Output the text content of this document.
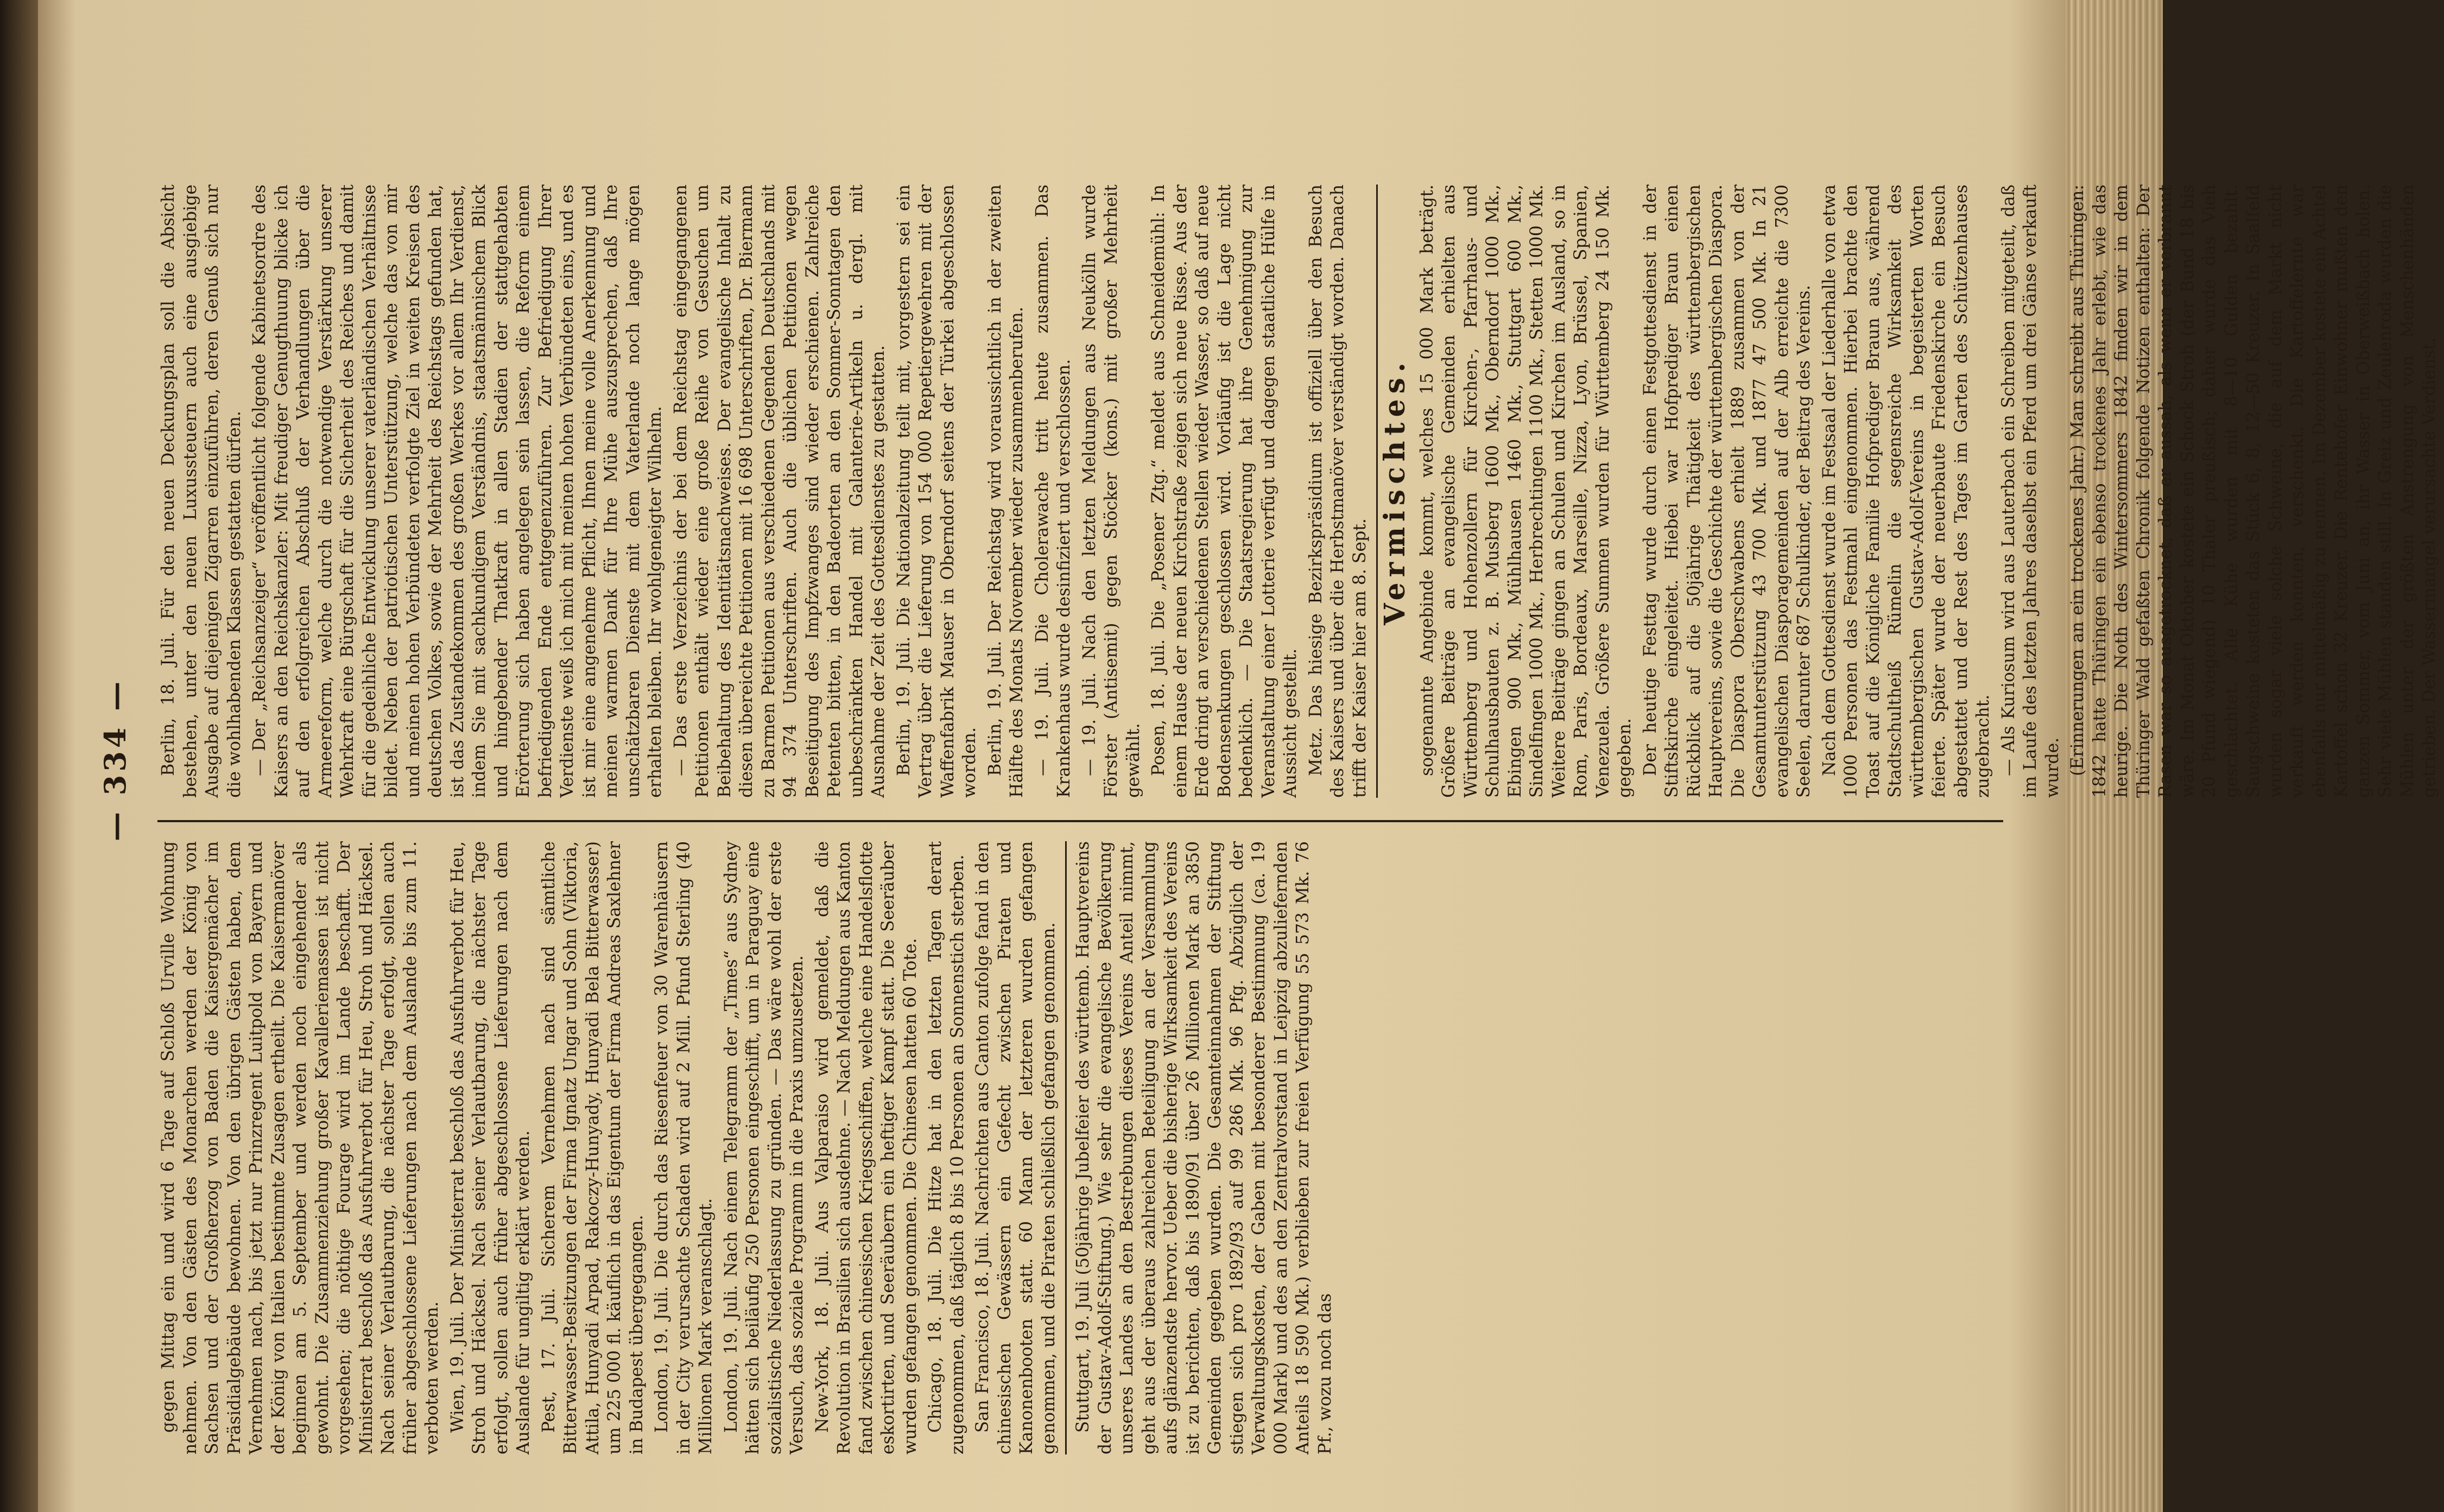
— 334 —

gegen Mittag ein und wird 6 Tage auf Schloß Urville Wohnung nehmen. Von den Gästen des Monarchen werden der König von Sachsen und der Großherzog von Baden die Kaisergemächer im Präsidialgebäude bewohnen. Von den übrigen Gästen haben, dem Vernehmen nach, bis jetzt nur Prinzregent Luitpold von Bayern und der König von Italien bestimmte Zusagen ertheilt. Die Kaisermanöver beginnen am 5. September und werden noch eingehender als gewohnt. Die Zusammenziehung großer Kavalleriemassen ist nicht vorgesehen; die nöthige Fourage wird im Lande beschafft. Der Ministerrat beschloß das Ausfuhrverbot für Heu, Stroh und Häcksel. Nach seiner Verlautbarung, die nächster Tage erfolgt, sollen auch früher abgeschlossene Lieferungen nach dem Auslande bis zum 11. verboten werden. Wien, 19. Juli. Der Ministerrat beschloß das Ausfuhrverbot für Heu, Stroh und Häcksel. Nach seiner Verlautbarung, die nächster Tage erfolgt, sollen auch früher abgeschlossene Lieferungen nach dem Auslande für ungiltig erklärt werden. Pest, 17. Juli. Sicherem Vernehmen nach sind sämtliche Bitterwasser-Besitzungen der Firma Ignatz Ungar und Sohn (Viktoria, Attila, Hunyadi Arpad, Rakoczy-Hunyady, Hunyadi Bela Bitterwasser) um 225 000 fl. käuflich in das Eigentum der Firma Andreas Saxlehner in Budapest übergegangen. London, 19. Juli. Die durch das Riesenfeuer von 30 Warenhäusern in der City verursachte Schaden wird auf 2 Mill. Pfund Sterling (40 Millionen Mark veranschlagt. London, 19. Juli. Nach einem Telegramm der „Times“ aus Sydney hätten sich beiläufig 250 Personen eingeschifft, um in Paraguay eine sozialistische Niederlassung zu gründen. — Das wäre wohl der erste Versuch, das soziale Programm in die Praxis umzusetzen. New-York, 18. Juli. Aus Valparaiso wird gemeldet, daß die Revolution in Brasilien sich ausdehne. — Nach Meldungen aus Kanton fand zwischen chinesischen Kriegsschiffen, welche eine Handelsflotte eskortirten, und Seeräubern ein heftiger Kampf statt. Die Seeräuber wurden gefangen genommen. Die Chinesen hatten 60 Tote. Chicago, 18. Juli. Die Hitze hat in den letzten Tagen derart zugenommen, daß täglich 8 bis 10 Personen an Sonnenstich sterben. San Francisco, 18. Juli. Nachrichten aus Canton zufolge fand in den chinesischen Gewässern ein Gefecht zwischen Piraten und Kanonenbooten statt. 60 Mann der letzteren wurden gefangen genommen, und die Piraten schließlich gefangen genommen. Stuttgart, 19. Juli (50jährige Jubelfeier des württemb. Hauptvereins der Gustav-Adolf-Stiftung.) Wie sehr die evangelische Bevölkerung unseres Landes an den Bestrebungen dieses Vereins Anteil nimmt, geht aus der überaus zahlreichen Beteiligung an der Versammlung aufs glänzendste hervor. Ueber die bisherige Wirksamkeit des Vereins ist zu berichten, daß bis 1890/91 über 26 Millionen Mark an 3850 Gemeinden gegeben wurden. Die Gesamteinnahmen der Stiftung stiegen sich pro 1892/93 auf 99 286 Mk. 96 Pfg. Abzüglich der Verwaltungskosten, der Gaben mit besonderer Bestimmung (ca. 19 000 Mark) und des an den Zentralvorstand in Leipzig abzuliefernden Anteils 18 590 Mk.) verblieben zur freien Verfügung 55 573 Mk. 76 Pf., wozu noch das

Berlin, 18. Juli. Für den neuen Deckungsplan soll die Absicht bestehen, unter den neuen Luxussteuern auch eine ausgiebige Ausgabe auf diejenigen Zigarren einzuführen, deren Genuß sich nur die wohlhabenden Klassen gestatten dürfen. — Der „Reichsanzeiger“ veröffentlicht folgende Kabinetsordre des Kaisers an den Reichskanzler: Mit freudiger Genugthuung blicke ich auf den erfolgreichen Abschluß der Verhandlungen über die Armeereform, welche durch die notwendige Verstärkung unserer Wehrkraft eine Bürgschaft für die Sicherheit des Reiches und damit für die gedeihliche Entwicklung unserer vaterländischen Verhältnisse bildet. Neben der patriotischen Unterstützung, welche das von mir und meinen hohen Verbündeten verfolgte Ziel in weiten Kreisen des deutschen Volkes, sowie der Mehrheit des Reichstags gefunden hat, ist das Zustandekommen des großen Werkes vor allem Ihr Verdienst, indem Sie mit sachkundigem Verständnis, staatsmännischem Blick und hingebender Thatkraft in allen Stadien der stattgehabten Erörterung sich haben angelegen sein lassen, die Reform einem befriedigenden Ende entgegenzuführen. Zur Befriedigung Ihrer Verdienste weiß ich mich mit meinen hohen Verbündeten eins, und es ist mir eine angenehme Pflicht, Ihnen meine volle Anerkennung und meinen warmen Dank für Ihre Mühe auszusprechen, daß Ihre unschätzbaren Dienste mit dem Vaterlande noch lange mögen erhalten bleiben. Ihr wohlgeneigter Wilhelm. — Das erste Verzeichnis der bei dem Reichstag eingegangenen Petitionen enthält wieder eine große Reihe von Gesuchen um Beibehaltung des Identitätsnachweises. Der evangelische Inhalt zu diesen übereichte Petitionen mit 16 698 Unterschriften, Dr. Biermann zu Barmen Petitionen aus verschiedenen Gegenden Deutschlands mit 94 374 Unterschriften. Auch die üblichen Petitionen wegen Beseitigung des Impfzwanges sind wieder erschienen. Zahlreiche Petenten bitten, in den Badeorten an den Sommer-Sonntagen den unbeschränkten Handel mit Galanterie-Artikeln u. dergl. mit Ausnahme der Zeit des Gottesdienstes zu gestatten. Berlin, 19. Juli. Die Nationalzeitung teilt mit, vorgestern sei ein Vertrag über die Lieferung von 154 000 Repetiergewehren mit der Waffenfabrik Mauser in Oberndorf seitens der Türkei abgeschlossen worden. Berlin, 19. Juli. Der Reichstag wird voraussichtlich in der zweiten Hälfte des Monats November wieder zusammenberufen. — 19. Juli. Die Cholerawache tritt heute zusammen. Das Krankenhaus wurde desinfiziert und verschlossen. — 19. Juli. Nach den letzten Meldungen aus Neukölln wurde Förster (Antisemit) gegen Stöcker (kons.) mit großer Mehrheit gewählt. Posen, 18. Juli. Die „Posener Ztg.“ meldet aus Schneidemühl: In einem Hause der neuen Kirchstraße zeigen sich neue Risse. Aus der Erde dringt an verschiedenen Stellen wieder Wasser, so daß auf neue Bodensenkungen geschlossen wird. Vorläufig ist die Lage nicht bedenklich. — Die Staatsregierung hat ihre Genehmigung zur Veranstaltung einer Lotterie verfügt und dagegen staatliche Hülfe in Aussicht gestellt. Metz. Das hiesige Bezirkspräsidium ist offiziell über den Besuch des Kaisers und über die Herbstmanöver verständigt worden. Danach trifft der Kaiser hier am 8. Sept.

Vermischtes. sogenannte Angebinde kommt, welches 15 000 Mark beträgt. Größere Beiträge an evangelische Gemeinden erhielten aus Württemberg und Hohenzollern für Kirchen-, Pfarrhaus- und Schulhausbauten z. B. Musberg 1600 Mk., Oberndorf 1000 Mk., Ebingen 900 Mk., Mühlhausen 1460 Mk., Stuttgart 600 Mk., Sindelfingen 1000 Mk., Herbrechtingen 1100 Mk., Stetten 1000 Mk. Weitere Beiträge gingen an Schulen und Kirchen im Ausland, so in Rom, Paris, Bordeaux, Marseille, Nizza, Lyon, Brüssel, Spanien, Venezuela. Größere Summen wurden für Württemberg 24 150 Mk. gegeben. Der heutige Festtag wurde durch einen Festgottesdienst in der Stiftskirche eingeleitet. Hiebei war Hofprediger Braun einen Rückblick auf die 50jährige Thätigkeit des württembergischen Hauptvereins, sowie die Geschichte der württembergischen Diaspora. Die Diaspora Oberschwabens erhielt 1889 zusammen von der Gesamtunterstützung 43 700 Mk. und 1877 47 500 Mk. In 21 evangelischen Diasporagemeinden auf der Alb erreichte die 7300 Seelen, darunter 687 Schulkinder, der Beitrag des Vereins. Nach dem Gottesdienst wurde im Festsaal der Liederhalle von etwa 1000 Personen das Festmahl eingenommen. Hierbei brachte den Toast auf die Königliche Familie Hofprediger Braun aus, während Stadtschultheiß Rümelin die segensreiche Wirksamkeit des württembergischen Gustav-Adolf-Vereins in begeisterten Worten feierte. Später wurde der neuerbaute Friedenskirche ein Besuch abgestattet und der Rest des Tages im Garten des Schützenhauses zugebracht. — Als Kuriosum wird aus Lauterbach ein Schreiben mitgeteilt, daß im Laufe des letzten Jahres daselbst ein Pferd um drei Gänse verkauft wurde. (Erinnerungen an ein trockenes Jahr.) Man schreibt aus Thüringen: 1842 hatte Thüringen ein ebenso trockenes Jahr erlebt, wie das heurige. Die Noth des Wintersommers 1842 finden wir in dem Thüringer Wald gefaßten Chronik folgende Notizen enthalten: Der Rasen war so ausgetrocknet, daß er aussah, als wenn er verbrannt wäre. Im Monat Oktober kostete ein Schock Stroh (der Bund 18 bis 20 Pfund wiegend) 10 Thaler preußisch; daher wurde das Vieh geschlachtet. Alle Kühe wurden mit 8—10 Gulden bezahlt. Saugschweine kosteten das Stück 6, 8, 12—50 Kreuzer. In Saalfeld wurden sogar viele solche Schweine, die auf dem Markt nicht verkauft werden konnten, verschenkt. Die Kartoffelernte war ebenfalls nur mittelmäßig zu nennen. Im Dezember kostete ein Achtel Kartoffel schon 32 Kreuzer. Die Rentehofer Einwohner mußten den ganzen Sommer, vom Juni an, ihr Wasser in Oberweißbach holen. Sehr viele Mühlen standen still. In Greiz und Zeulenroda wurden die Mühlen unter der größten Anstrengung von Menschenhänden getrieben. Der Wassermangel verursachte Verdienst.
